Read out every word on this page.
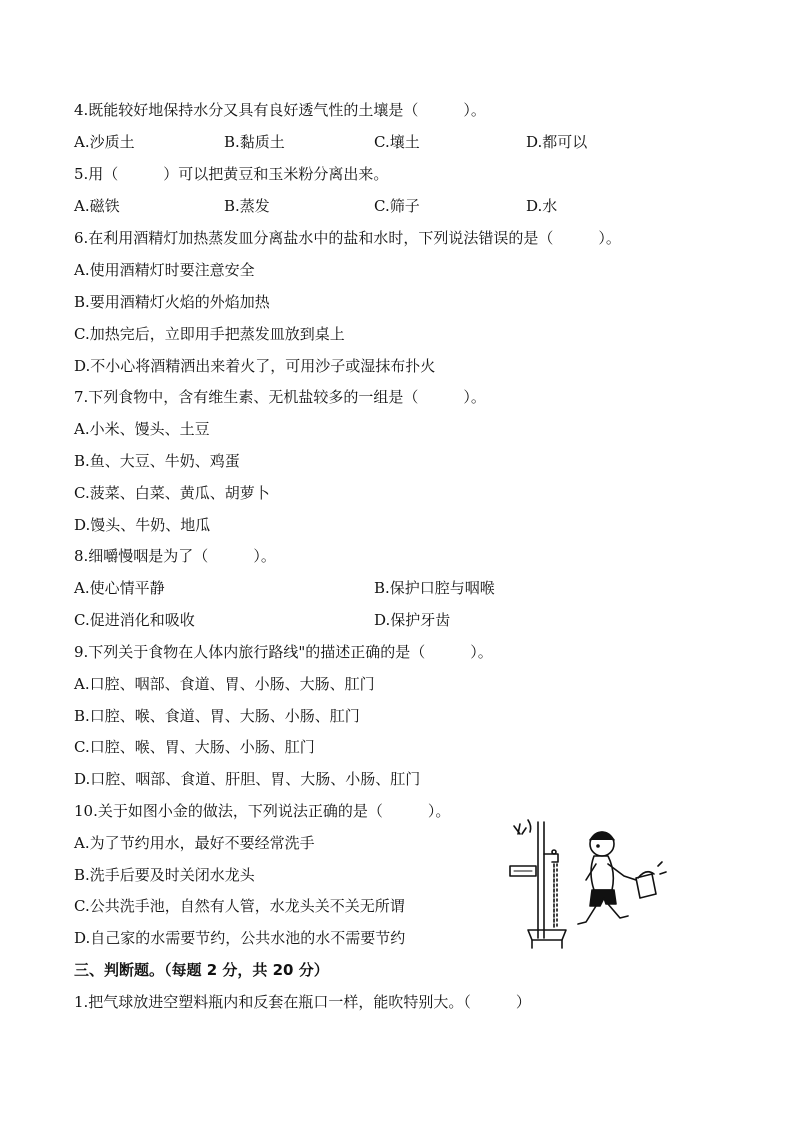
4.既能较好地保持水分又具有良好透气性的土壤是（　　　）。
A.沙质土	B.黏质土	C.壤土	D.都可以
5.用（　　　）可以把黄豆和玉米粉分离出来。
A.磁铁	B.蒸发	C.筛子	D.水
6.在利用酒精灯加热蒸发皿分离盐水中的盐和水时，下列说法错误的是（　　　）。
A.使用酒精灯时要注意安全
B.要用酒精灯火焰的外焰加热
C.加热完后，立即用手把蒸发皿放到桌上
D.不小心将酒精洒出来着火了，可用沙子或湿抹布扑火
7.下列食物中，含有维生素、无机盐较多的一组是（　　　）。
A.小米、馒头、土豆
B.鱼、大豆、牛奶、鸡蛋
C.菠菜、白菜、黄瓜、胡萝卜
D.馒头、牛奶、地瓜
8.细嚼慢咽是为了（　　　）。
A.使心情平静	B.保护口腔与咽喉
C.促进消化和吸收	D.保护牙齿
9.下列关于食物在人体内旅行路线"的描述正确的是（　　　）。
A.口腔、咽部、食道、胃、小肠、大肠、肛门
B.口腔、喉、食道、胃、大肠、小肠、肛门
C.口腔、喉、胃、大肠、小肠、肛门
D.口腔、咽部、食道、肝胆、胃、大肠、小肠、肛门
10.关于如图小金的做法，下列说法正确的是（　　　）。
A.为了节约用水，最好不要经常洗手
B.洗手后要及时关闭水龙头
C.公共洗手池，自然有人管，水龙头关不关无所谓
D.自己家的水需要节约，公共水池的水不需要节约
三、判断题。（每题 2 分，共 20 分）
1.把气球放进空塑料瓶内和反套在瓶口一样，能吹特别大。（　　　）
